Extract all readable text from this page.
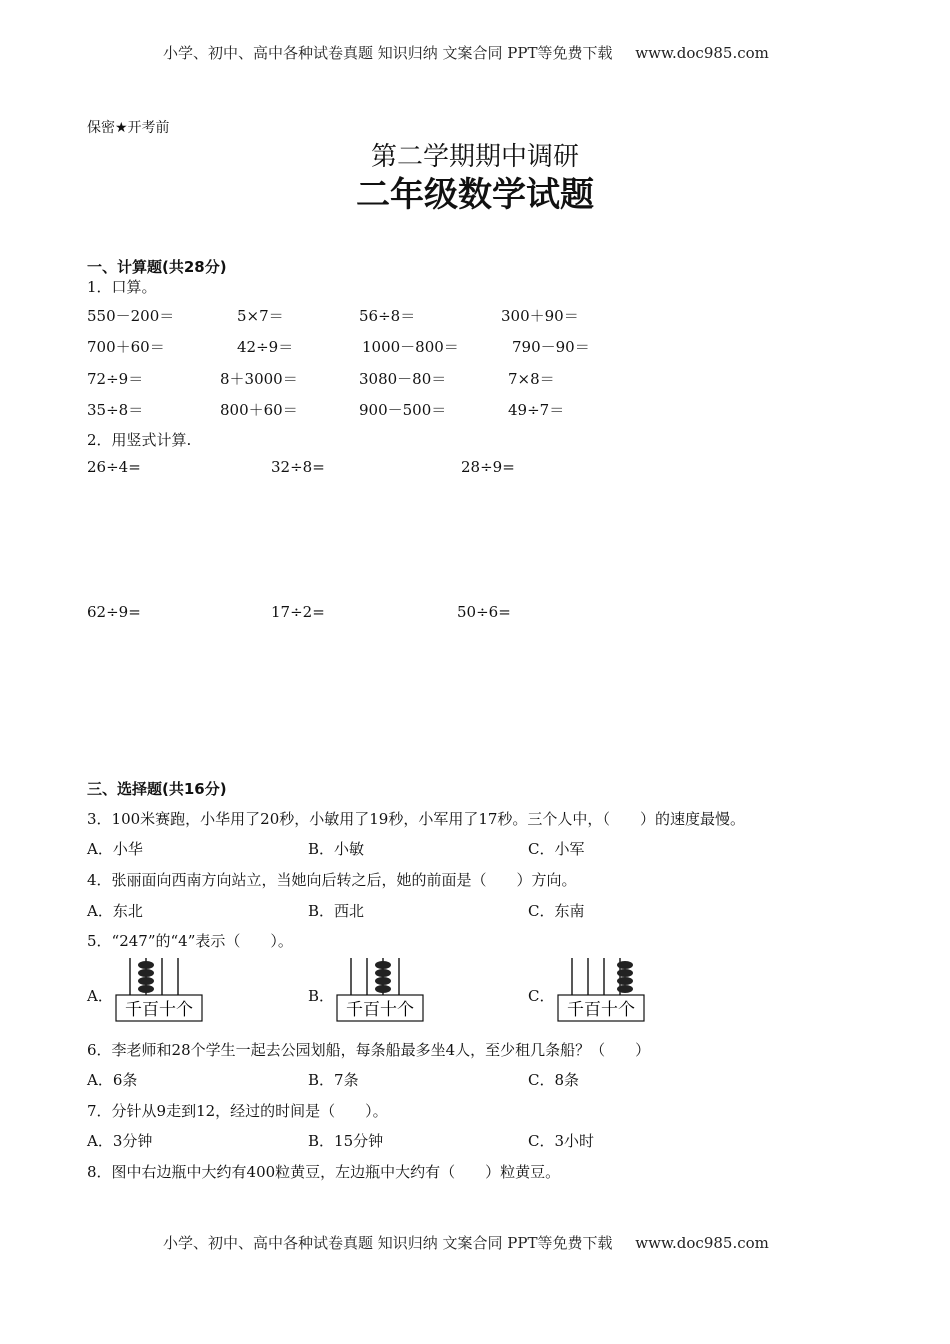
小学、初中、高中各种试卷真题 知识归纳 文案合同 PPT等免费下载 www.doc985.com
保密★开考前
第二学期期中调研
二年级数学试题
一、计算题(共28分)
1．口算。
550－200＝	5×7＝	56÷8＝	300＋90＝
700＋60＝	42÷9＝	1000－800＝	790－90＝
72÷9＝	8＋3000＝	3080－80＝	7×8＝
35÷8＝	800＋60＝	900－500＝	49÷7＝
2．用竖式计算.
26÷4=	32÷8=	28÷9=
62÷9=	17÷2=	50÷6=
三、选择题(共16分)
3．100米赛跑，小华用了20秒，小敏用了19秒，小军用了17秒。三个人中，（　　）的速度最慢。
A．小华	B．小敏	C．小军
4．张丽面向西南方向站立，当她向后转之后，她的前面是（　　）方向。
A．东北	B．西北	C．东南
5．“247”的“4”表示（　　）。
A．	B．	C．
千百十个	千百十个	千百十个
6．李老师和28个学生一起去公园划船，每条船最多坐4人，至少租几条船？（　　）
A．6条	B．7条	C．8条
7．分针从9走到12，经过的时间是（　　）。
A．3分钟	B．15分钟	C．3小时
8．图中右边瓶中大约有400粒黄豆，左边瓶中大约有（　　）粒黄豆。
小学、初中、高中各种试卷真题 知识归纳 文案合同 PPT等免费下载 www.doc985.com
